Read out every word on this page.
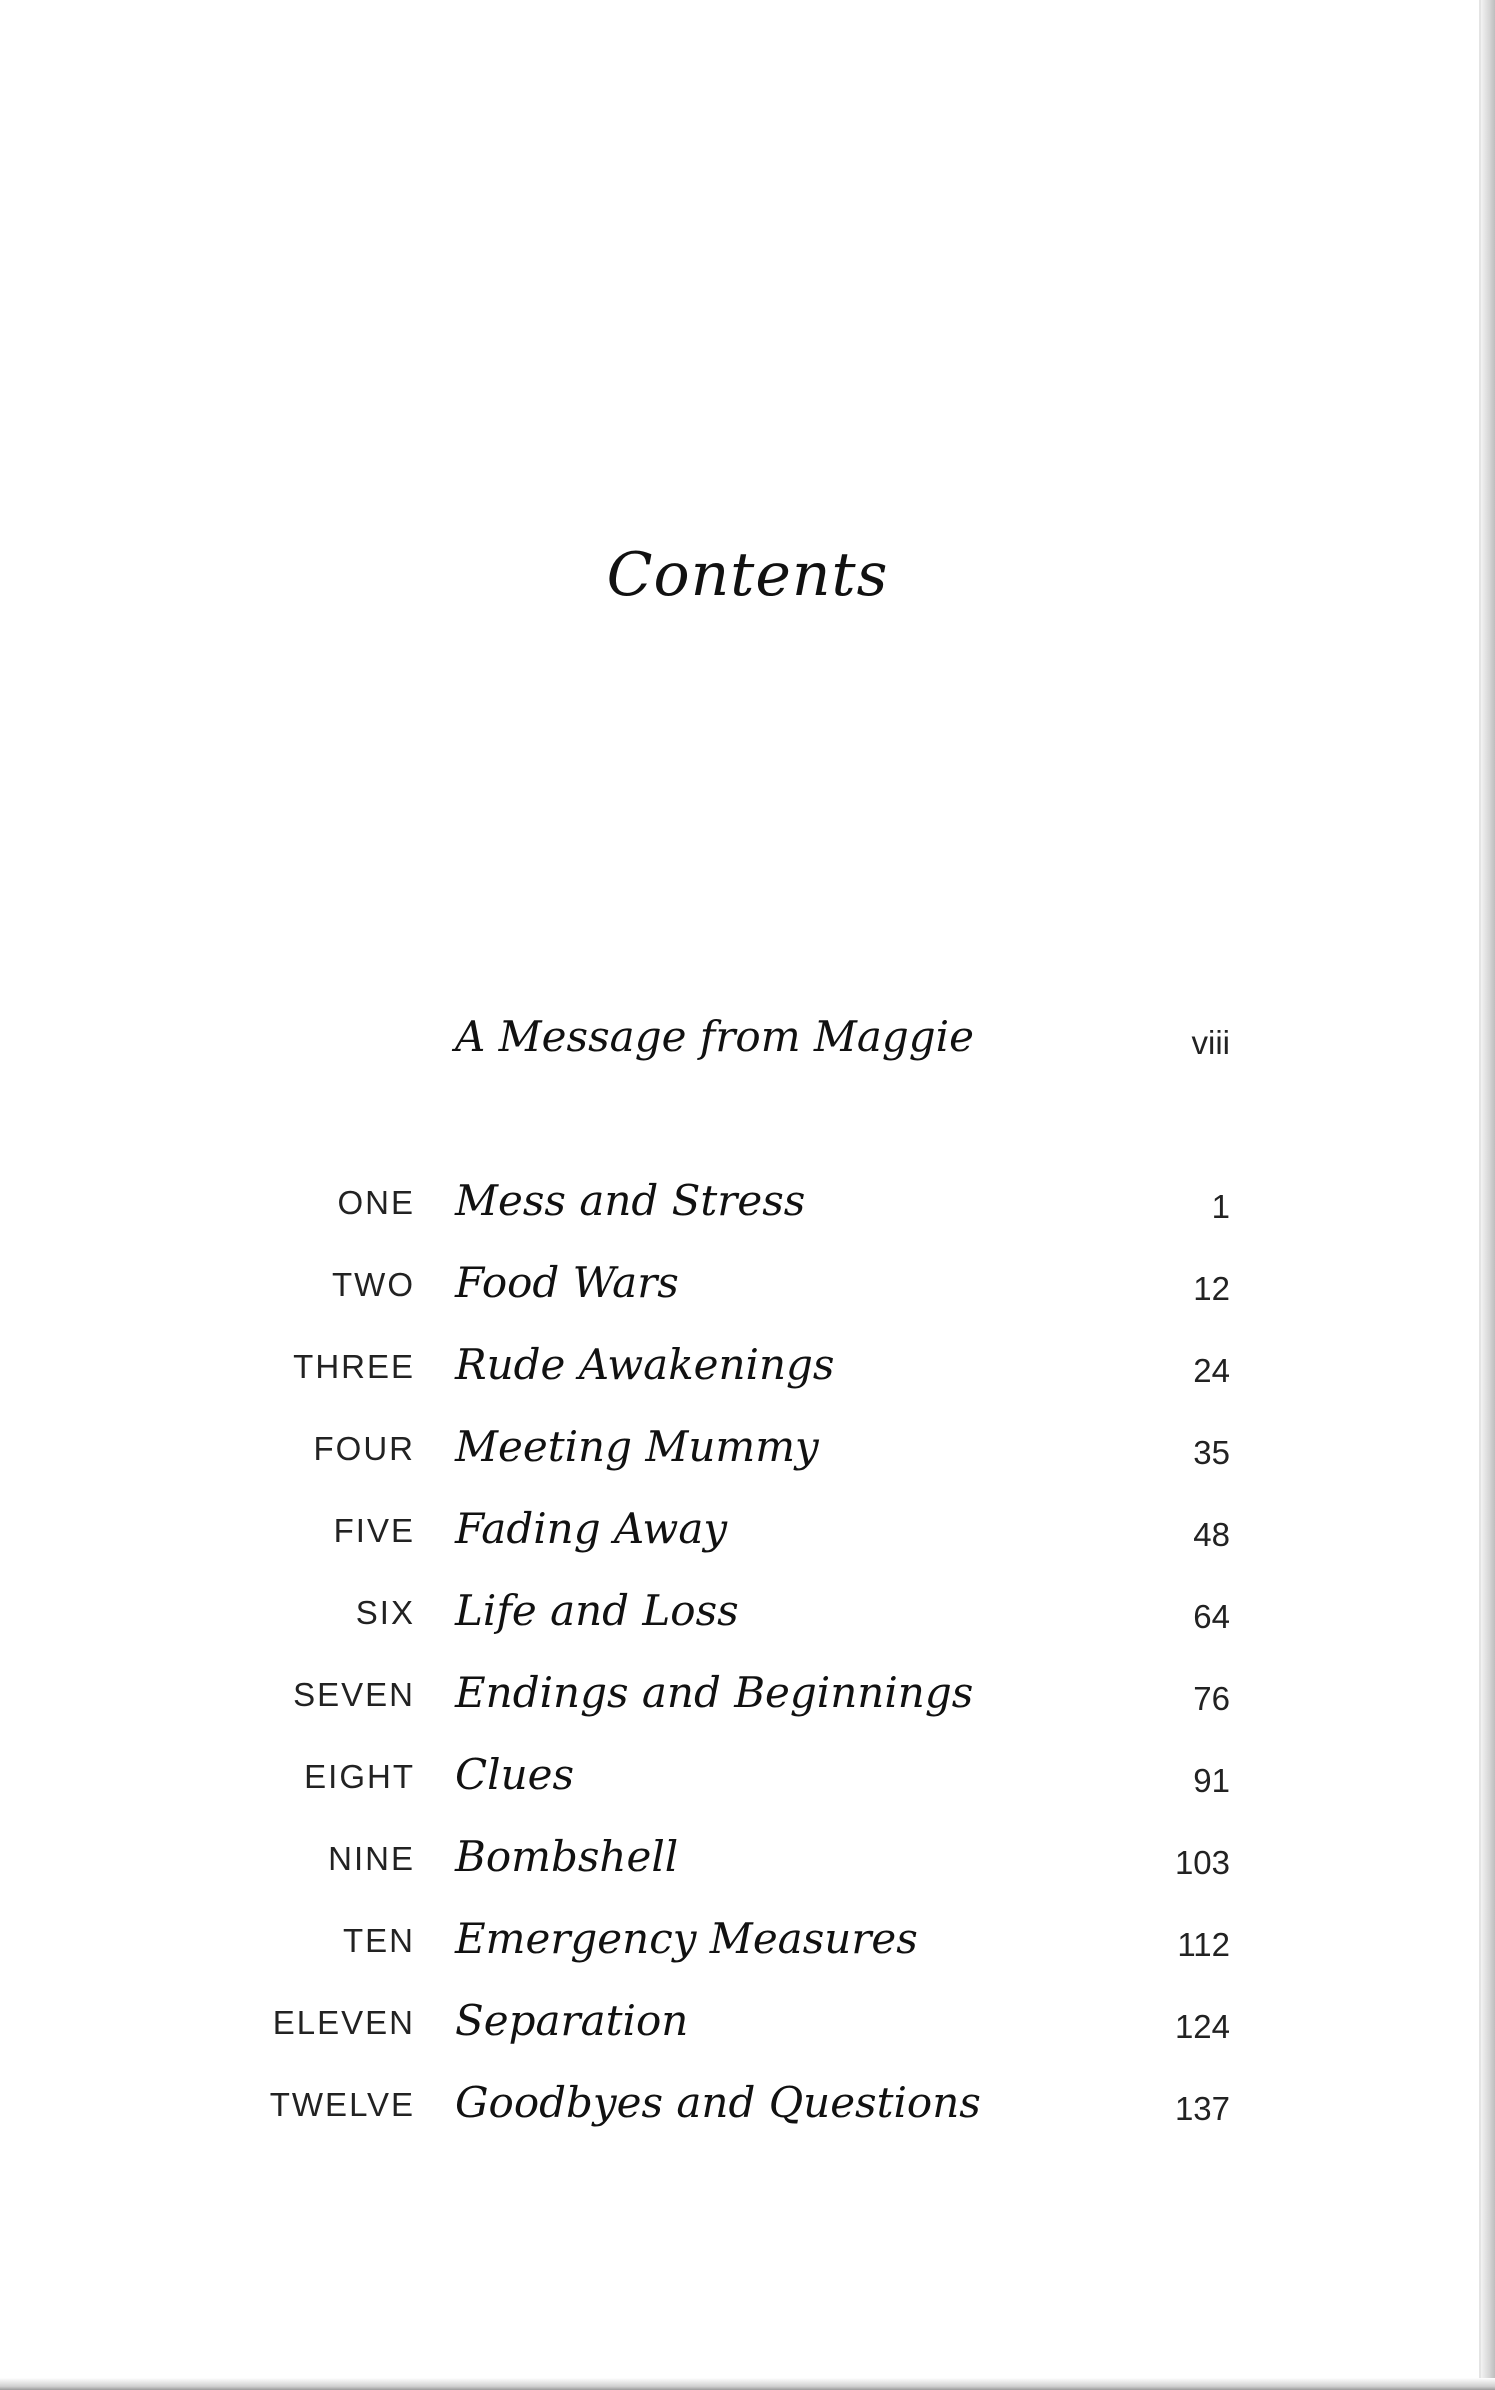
Contents
A Message from Maggie	viii
ONE Mess and Stress	1
TWO Food Wars	12
THREE Rude Awakenings	24
FOUR Meeting Mummy	35
FIVE Fading Away	48
SIX Life and Loss	64
SEVEN Endings and Beginnings	76
EIGHT Clues	91
NINE Bombshell	103
TEN Emergency Measures	112
ELEVEN Separation	124
TWELVE Goodbyes and Questions	137
